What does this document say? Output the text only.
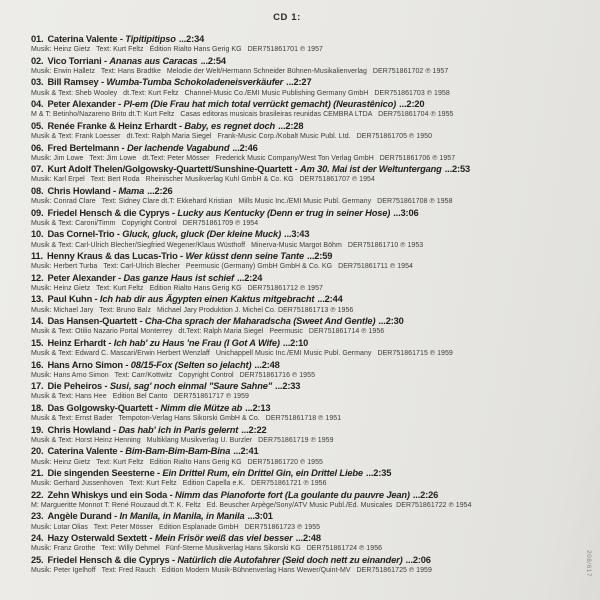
CD 1:
01. Caterina Valente - Tipitipitipso ...2:34
Musik: Heinz Gietz   Text: Kurt Feltz   Édition Rialto Hans Gerig KG   DER751861701 ℗ 1957
02. Vico Torriani - Ananas aus Caracas ...2:54
Musik: Erwin Halletz   Text: Hans Bradtke   Melodie der Welt/Hermann Schneider Bühnen-Musikalienverlag   DER751861702 ℗ 1957
03. Bill Ramsey - Wumba-Tumba Schokoladeneisverkäufer ...2:27
Musik & Text: Sheb Wooley   dt.Text: Kurt Feltz   Channel-Music Co./EMI Music Publishing Germany GmbH   DER751861703 ℗ 1958
04. Peter Alexander - Pl-em (Die Frau hat mich total verrückt gemacht) (Neurastênico) ...2:20
M & T: Betinho/Nazareno Brito dt.T: Kurt Feltz   Casas editoras musicais brasileiras reunidas CEMBRA LTDA   DER751861704 ℗ 1955
05. Renée Franke & Heinz Erhardt - Baby, es regnet doch ...2:28
Musik & Text: Frank Loesser   dt.Text: Ralph Maria Siegel   Frank-Music Corp./Kobalt Music Publ. Ltd.   DER751861705 ℗ 1950
06. Fred Bertelmann - Der lachende Vagabund ...2:46
Musik: Jim Lowe   Text: Jim Lowe   dt.Text: Peter Mösser   Frederick Music Company/West Ton Verlag GmbH   DER751861706 ℗ 1957
07. Kurt Adolf Thelen/Golgowsky-Quartett/Sunshine-Quartett - Am 30. Mai ist der Weltuntergang ...2:53
Musik: Karl Erpel   Text: Bert Roda   Rheinischer Musikverlag Kuhl GmbH & Co. KG   DER751861707 ℗ 1954
08. Chris Howland - Mama ...2:26
Musik: Conrad Clare   Text: Sidney Clare dt.T: Ekkehard Kristian   Mills Music Inc./EMI Music Publ. Germany   DER751861708 ℗ 1958
09. Friedel Hensch & die Cyprys - Lucky aus Kentucky (Denn er trug in seiner Hose) ...3:06
Musik & Text: Caroni/Timm   Copyright Control   DER751861709 ℗ 1954
10. Das Cornel-Trio - Gluck, gluck, gluck (Der kleine Muck) ...3:43
Musik & Text: Carl-Ulrich Blecher/Siegfried Wegener/Klaus Wüsthoff   Minerva-Music Margot Böhm   DER751861710 ℗ 1953
11. Henny Kraus & das Lucas-Trio - Wer küsst denn seine Tante ...2:59
Musik: Herbert Turba   Text: Carl-Ulrich Blecher   Peermusic (Germany) GmbH GmbH & Co. KG   DER751861711 ℗ 1954
12. Peter Alexander - Das ganze Haus ist schief ...2:24
Musik: Heinz Gietz   Text: Kurt Feltz   Edition Rialto Hans Gerig KG   DER751861712 ℗ 1957
13. Paul Kuhn - Ich hab dir aus Ägypten einen Kaktus mitgebracht ...2:44
Musik: Michael Jary   Text: Bruno Balz   Michael Jary Produktion J. Michel Co. DER751861713 ℗ 1956
14. Das Hansen-Quartett - Cha-Cha sprach der Maharadscha (Sweet And Gentle) ...2:30
Musik & Text: Otilio Nazario Portal Monterrey   dt.Text: Ralph Maria Siegel   Peermusic   DER751861714 ℗ 1956
15. Heinz Erhardt - Ich hab' zu Haus 'ne Frau (I Got A Wife) ...2:10
Musik & Text: Edward C. Mascari/Erwin Herbert Wenzlaff   Unichappell Music Inc./EMI Music Publ. Germany   DER751861715 ℗ 1959
16. Hans Arno Simon - 08/15-Fox (Selten so jelacht) ...2:48
Musik: Hans Arno Simon   Text: Carr/Kottwitz   Copyright Control   DER751861716 ℗ 1955
17. Die Peheiros - Susi, sag' noch einmal "Saure Sahne" ...2:33
Musik & Text: Hans Hee   Edition Bel Canto   DER751861717 ℗ 1959
18. Das Golgowsky-Quartett - Nimm die Mütze ab ...2:13
Musik & Text: Ernst Bader   Tempoton-Verlag Hans Sikorski GmbH & Co.   DER751861718 ℗ 1951
19. Chris Howland - Das hab' ich in Paris gelernt ...2:22
Musik & Text: Horst Heinz Henning   Multiklang Musikverlag U. Burzler   DER751861719 ℗ 1959
20. Caterina Valente - Bim-Bam-Bim-Bam-Bina ...2:41
Musik: Heinz Gietz   Text: Kurt Feltz   Edition Rialto Hans Gerig KG   DER751861720 ℗ 1955
21. Die singenden Seesterne - Ein Drittel Rum, ein Drittel Gin, ein Drittel Liebe ...2:35
Musik: Gerhard Jussenhoven   Text: Kurt Feltz   Edition Capella e.K.   DER751861721 ℗ 1956
22. Zehn Whiskys und ein Soda - Nimm das Pianoforte fort (La goulante du pauvre Jean) ...2:26
M: Margueritte Monnot T: René Rouzaud dt.T: K. Feltz   Ed. Beuscher Arpège/Sony/ATV Music Publ./Ed. Musicales  DER751861722 ℗ 1954
23. Angèle Durand - In Manila, in Manila, in Manila ...3:01
Musik: Lotar Olias   Text: Peter Mösser   Edition Esplanade GmbH   DER751861723 ℗ 1955
24. Hazy Osterwald Sextett - Mein Frisör weiß das viel besser ...2:48
Musik: Franz Grothe   Text: Willy Dehmel   Fünf-Sterne Musikverlag Hans Sikorski KG   DER751861724 ℗ 1956
25. Friedel Hensch & die Cyprys - Natürlich die Autofahrer (Seid doch nett zu einander) ...2:06
Musik: Peter Igelhoff   Text: Fred Rauch   Edition Modern Musik-Bühnenverlag Hans Wewer/Quint-MV   DER751861725 ℗ 1959	208/617
